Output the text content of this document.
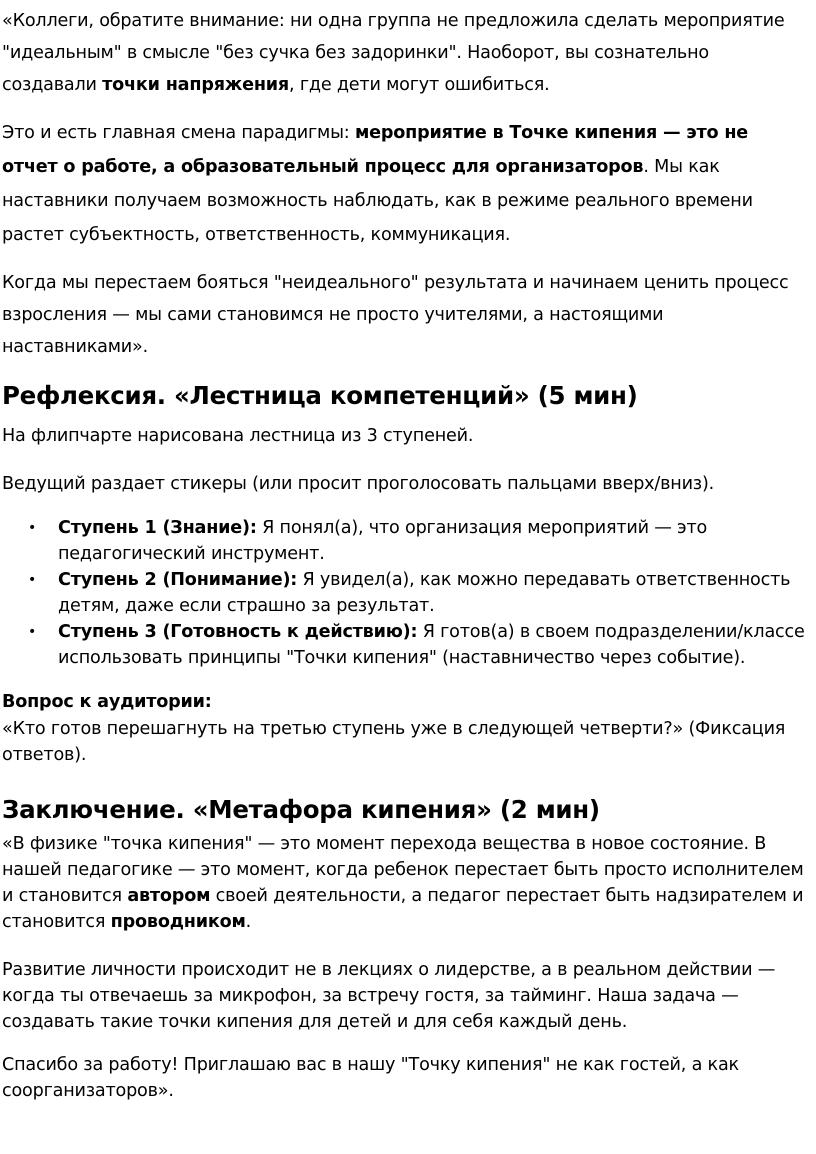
«Коллеги, обратите внимание: ни одна группа не предложила сделать мероприятие "идеальным" в смысле "без сучка без задоринки". Наоборот, вы сознательно создавали точки напряжения, где дети могут ошибиться.

Это и есть главная смена парадигмы: мероприятие в Точке кипения — это не отчет о работе, а образовательный процесс для организаторов. Мы как наставники получаем возможность наблюдать, как в режиме реального времени растет субъектность, ответственность, коммуникация.

Когда мы перестаем бояться "неидеального" результата и начинаем ценить процесс взросления — мы сами становимся не просто учителями, а настоящими наставниками».

Рефлексия. «Лестница компетенций» (5 мин)

На флипчарте нарисована лестница из 3 ступеней.

Ведущий раздает стикеры (или просит проголосовать пальцами вверх/вниз).

• Ступень 1 (Знание): Я понял(а), что организация мероприятий — это педагогический инструмент.
• Ступень 2 (Понимание): Я увидел(а), как можно передавать ответственность детям, даже если страшно за результат.
• Ступень 3 (Готовность к действию): Я готов(а) в своем подразделении/классе использовать принципы "Точки кипения" (наставничество через событие).

Вопрос к аудитории:

«Кто готов перешагнуть на третью ступень уже в следующей четверти?» (Фиксация ответов).

Заключение. «Метафора кипения» (2 мин)

«В физике "точка кипения" — это момент перехода вещества в новое состояние. В нашей педагогике — это момент, когда ребенок перестает быть просто исполнителем и становится автором своей деятельности, а педагог перестает быть надзирателем и становится проводником.

Развитие личности происходит не в лекциях о лидерстве, а в реальном действии — когда ты отвечаешь за микрофон, за встречу гостя, за тайминг. Наша задача — создавать такие точки кипения для детей и для себя каждый день.

Спасибо за работу! Приглашаю вас в нашу "Точку кипения" не как гостей, а как соорганизаторов».
